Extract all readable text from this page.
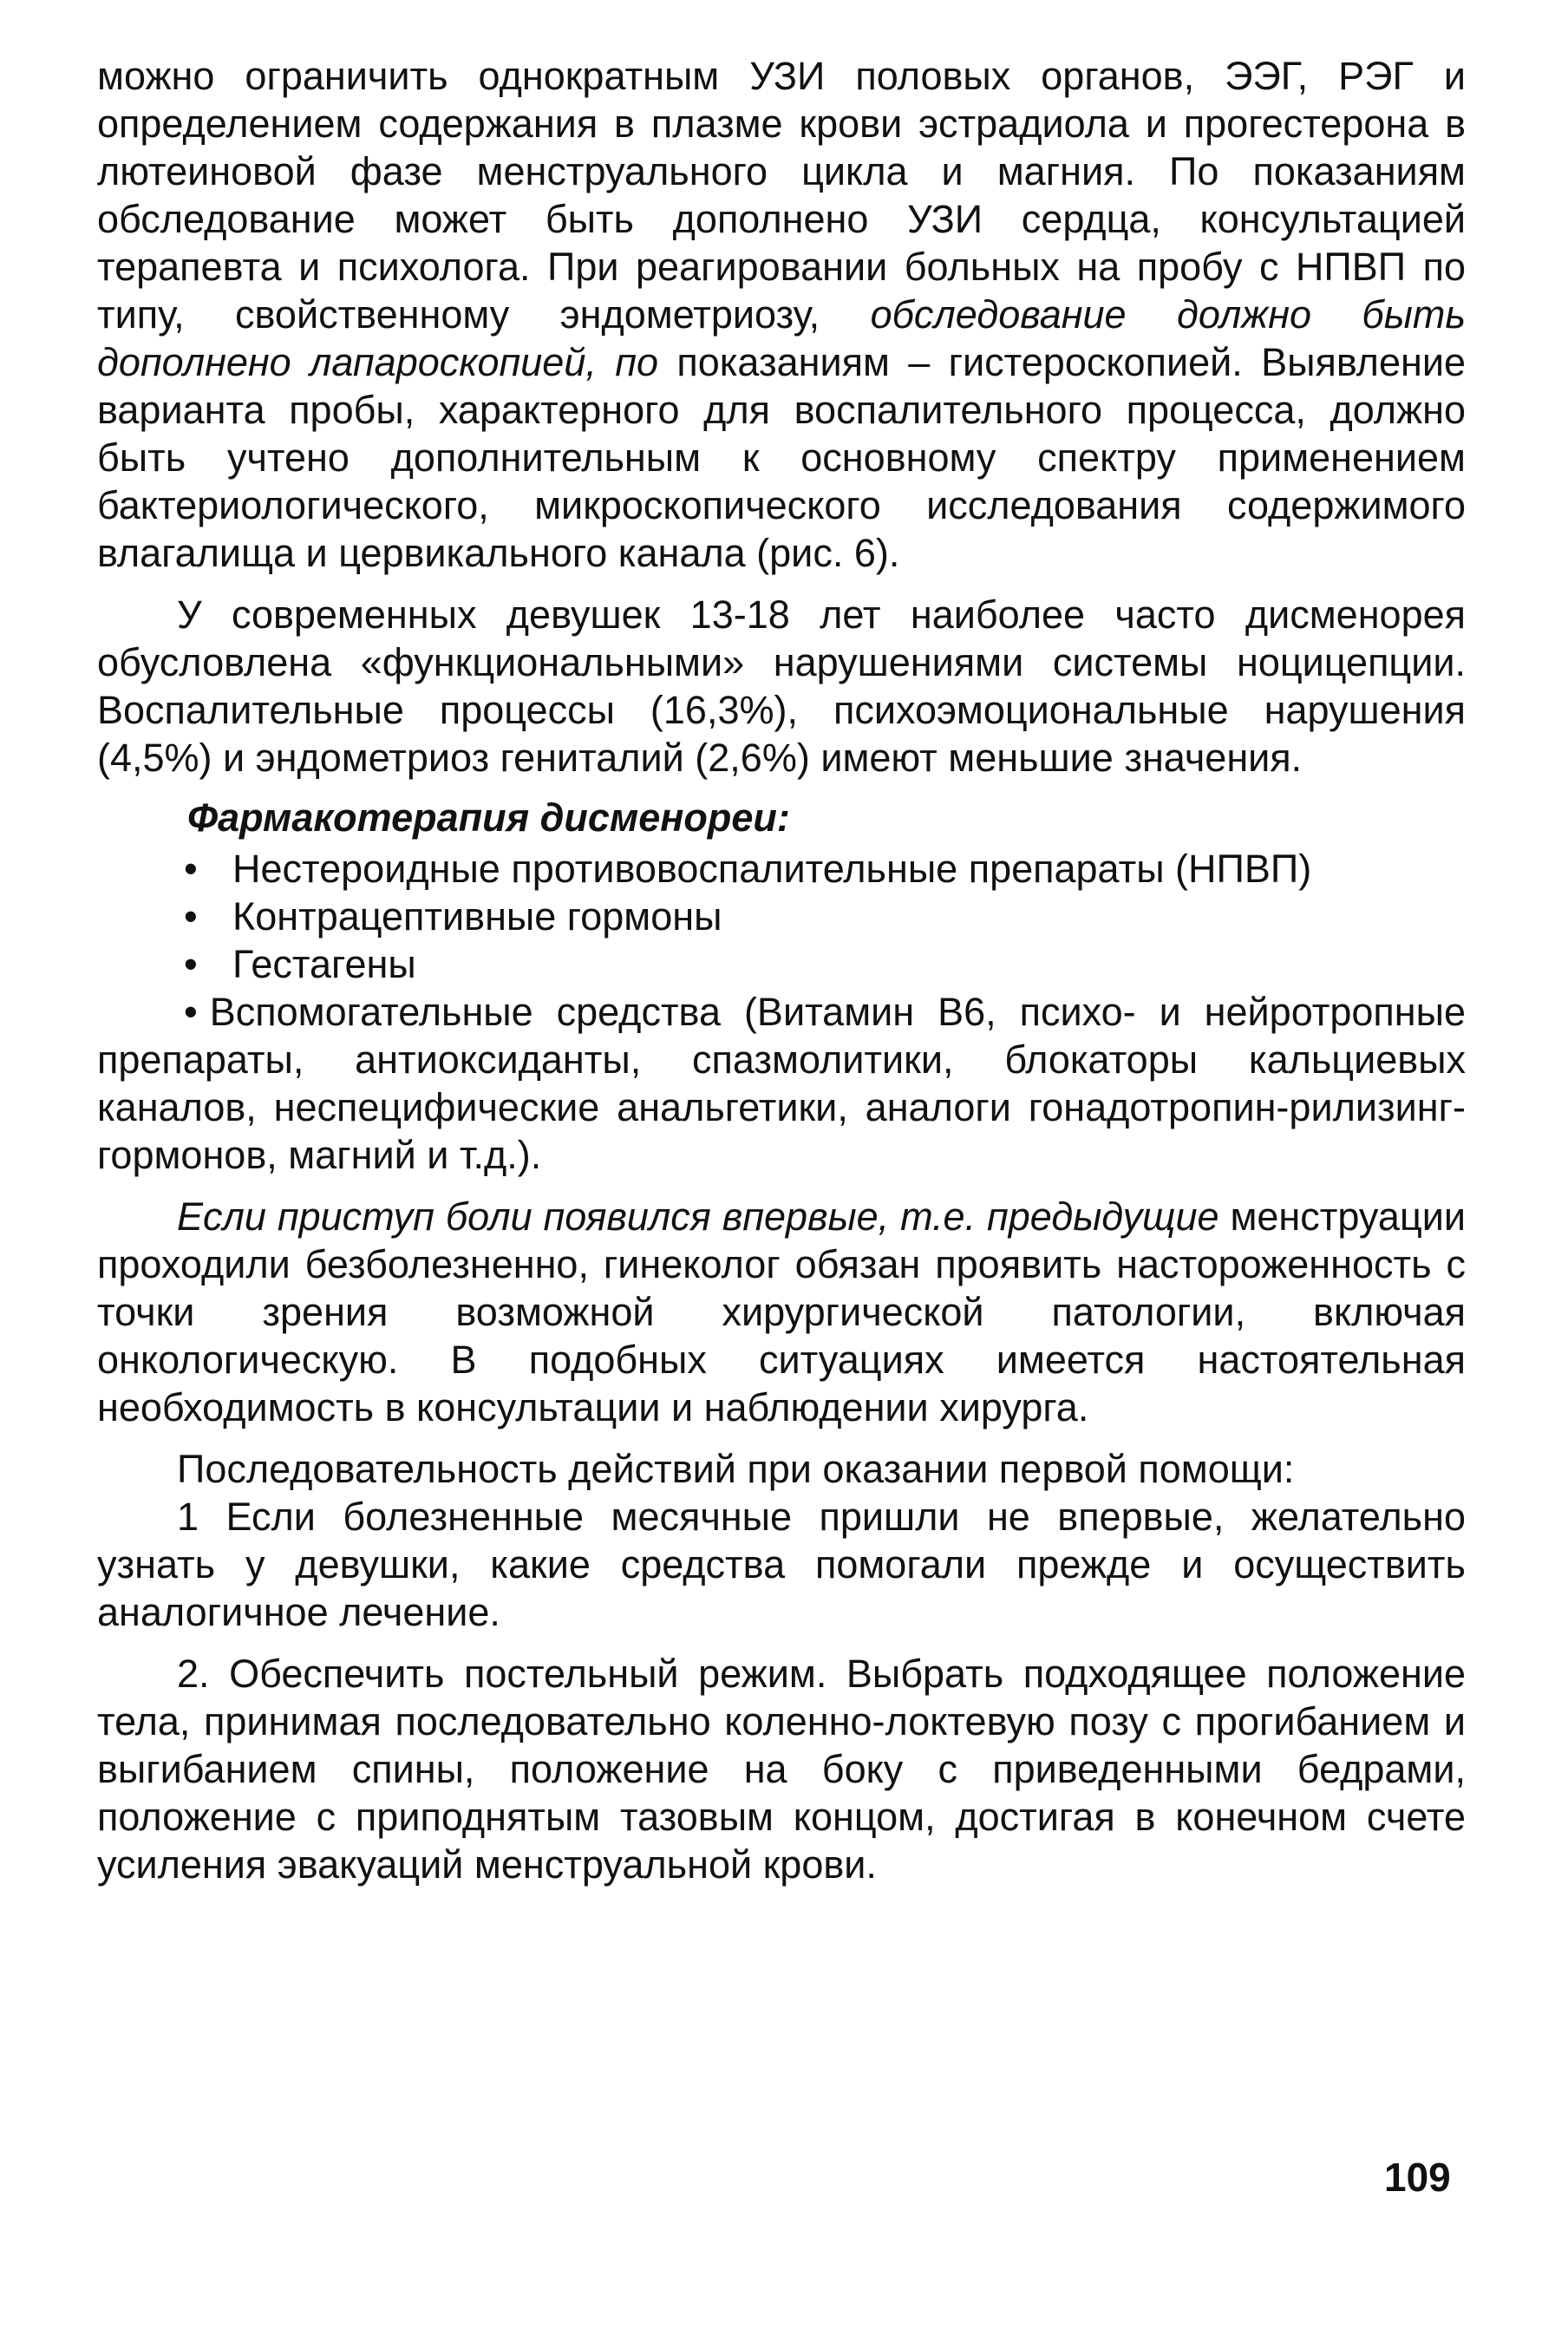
можно ограничить однократным УЗИ половых органов, ЭЭГ, РЭГ и определением содержания в плазме крови эстрадиола и прогестерона в лютеиновой фазе менструального цикла и магния. По показаниям обследование может быть дополнено УЗИ сердца, консультацией терапевта и психолога. При реагировании больных на пробу с НПВП по типу, свойственному эндометриозу, обследование должно быть дополнено лапароскопией, по показаниям – гистероскопией. Выявление варианта пробы, характерного для воспалительного процесса, должно быть учтено дополнительным к основному спектру применением бактериологического, микроскопического исследования содержимого влагалища и цервикального канала (рис. 6).

У современных девушек 13-18 лет наиболее часто дисменорея обусловлена «функциональными» нарушениями системы ноцицепции. Воспалительные процессы (16,3%), психоэмоциональные нарушения (4,5%) и эндометриоз гениталий (2,6%) имеют меньшие значения.

Фармакотерапия дисменореи:

• Нестероидные противовоспалительные препараты (НПВП)
• Контрацептивные гормоны
• Гестагены
• Вспомогательные средства (Витамин В6, психо- и нейротропные препараты, антиоксиданты, спазмолитики, блокаторы кальциевых каналов, неспецифические анальгетики, аналоги гонадотропин-рилизинг-гормонов, магний и т.д.).

Если приступ боли появился впервые, т.е. предыдущие менструации проходили безболезненно, гинеколог обязан проявить настороженность с точки зрения возможной хирургической патологии, включая онкологическую. В подобных ситуациях имеется настоятельная необходимость в консультации и наблюдении хирурга.

Последовательность действий при оказании первой помощи:

1 Если болезненные месячные пришли не впервые, желательно узнать у девушки, какие средства помогали прежде и осуществить аналогичное лечение.

2. Обеспечить постельный режим. Выбрать подходящее положение тела, принимая последовательно коленно-локтевую позу с прогибанием и выгибанием спины, положение на боку с приведенными бедрами, положение с приподнятым тазовым концом, достигая в конечном счете усиления эвакуаций менструальной крови.

109
